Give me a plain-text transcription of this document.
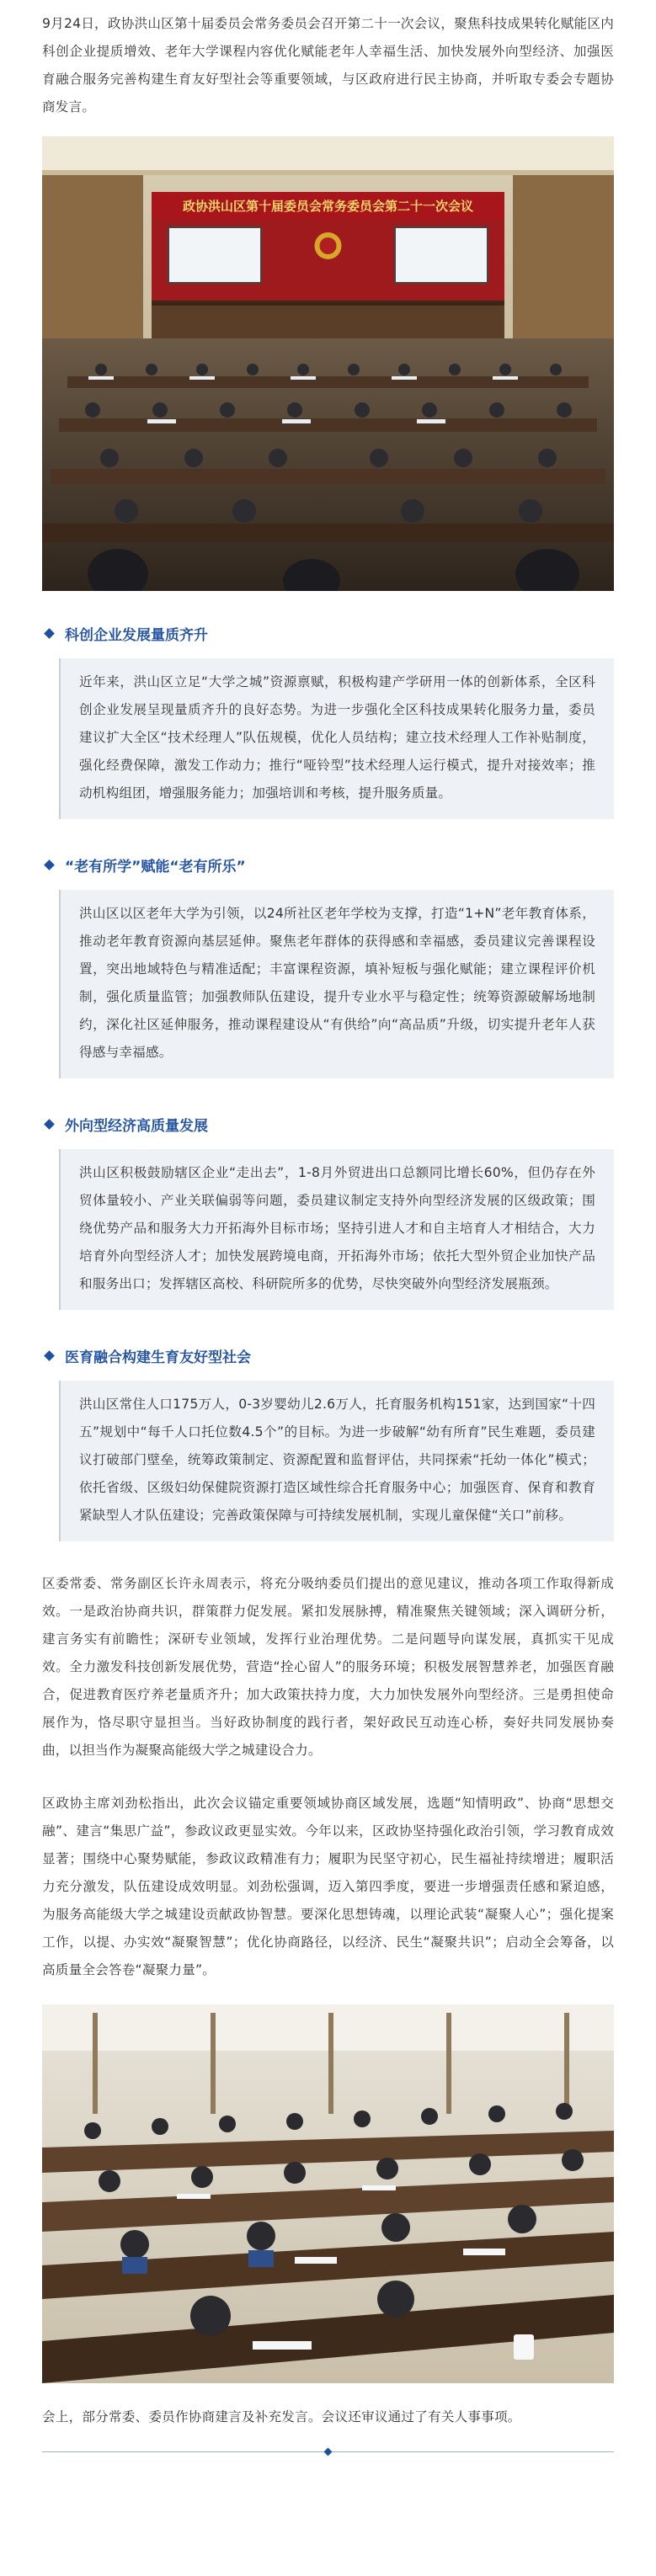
9月24日，政协洪山区第十届委员会常务委员会召开第二十一次会议，聚焦科技成果转化赋能区内科创企业提质增效、老年大学课程内容优化赋能老年人幸福生活、加快发展外向型经济、加强医育融合服务完善构建生育友好型社会等重要领域，与区政府进行民主协商，并听取专委会专题协商发言。

政协洪山区第十届委员会常务委员会第二十一次会议
科创企业发展量质齐升

近年来，洪山区立足“大学之城”资源禀赋，积极构建产学研用一体的创新体系，全区科创企业发展呈现量质齐升的良好态势。为进一步强化全区科技成果转化服务力量，委员建议扩大全区“技术经理人”队伍规模，优化人员结构；建立技术经理人工作补贴制度，强化经费保障，激发工作动力；推行“哑铃型”技术经理人运行模式，提升对接效率；推动机构组团，增强服务能力；加强培训和考核，提升服务质量。

“老有所学”赋能“老有所乐”

洪山区以区老年大学为引领，以24所社区老年学校为支撑，打造“1+N”老年教育体系，推动老年教育资源向基层延伸。聚焦老年群体的获得感和幸福感，委员建议完善课程设置，突出地域特色与精准适配；丰富课程资源，填补短板与强化赋能；建立课程评价机制，强化质量监管；加强教师队伍建设，提升专业水平与稳定性；统筹资源破解场地制约，深化社区延伸服务，推动课程建设从“有供给”向“高品质”升级，切实提升老年人获得感与幸福感。

外向型经济高质量发展

洪山区积极鼓励辖区企业“走出去”，1-8月外贸进出口总额同比增长60%，但仍存在外贸体量较小、产业关联偏弱等问题，委员建议制定支持外向型经济发展的区级政策；围绕优势产品和服务大力开拓海外目标市场；坚持引进人才和自主培育人才相结合，大力培育外向型经济人才；加快发展跨境电商，开拓海外市场；依托大型外贸企业加快产品和服务出口；发挥辖区高校、科研院所多的优势，尽快突破外向型经济发展瓶颈。

医育融合构建生育友好型社会

洪山区常住人口175万人，0-3岁婴幼儿2.6万人，托育服务机构151家，达到国家“十四五”规划中“每千人口托位数4.5个”的目标。为进一步破解“幼有所育”民生难题，委员建议打破部门壁垒，统筹政策制定、资源配置和监督评估，共同探索“托幼一体化”模式；依托省级、区级妇幼保健院资源打造区域性综合托育服务中心；加强医育、保育和教育紧缺型人才队伍建设；完善政策保障与可持续发展机制，实现儿童保健“关口”前移。

区委常委、常务副区长许永周表示，将充分吸纳委员们提出的意见建议，推动各项工作取得新成效。一是政治协商共识，群策群力促发展。紧扣发展脉搏，精准聚焦关键领域；深入调研分析，建言务实有前瞻性；深研专业领域，发挥行业治理优势。二是问题导向谋发展，真抓实干见成效。全力激发科技创新发展优势，营造“拴心留人”的服务环境；积极发展智慧养老，加强医育融合，促进教育医疗养老量质齐升；加大政策扶持力度，大力加快发展外向型经济。三是勇担使命展作为，恪尽职守显担当。当好政协制度的践行者，架好政民互动连心桥，奏好共同发展协奏曲，以担当作为凝聚高能级大学之城建设合力。

区政协主席刘劲松指出，此次会议锚定重要领域协商区域发展，选题“知情明政”、协商“思想交融”、建言“集思广益”，参政议政更显实效。今年以来，区政协坚持强化政治引领，学习教育成效显著；围绕中心聚势赋能，参政议政精准有力；履职为民坚守初心，民生福祉持续增进；履职活力充分激发，队伍建设成效明显。刘劲松强调，迈入第四季度，要进一步增强责任感和紧迫感，为服务高能级大学之城建设贡献政协智慧。要深化思想铸魂，以理论武装“凝聚人心”；强化提案工作，以提、办实效“凝聚智慧”；优化协商路径，以经济、民生“凝聚共识”；启动全会筹备，以高质量全会答卷“凝聚力量”。

会上，部分常委、委员作协商建言及补充发言。会议还审议通过了有关人事事项。
